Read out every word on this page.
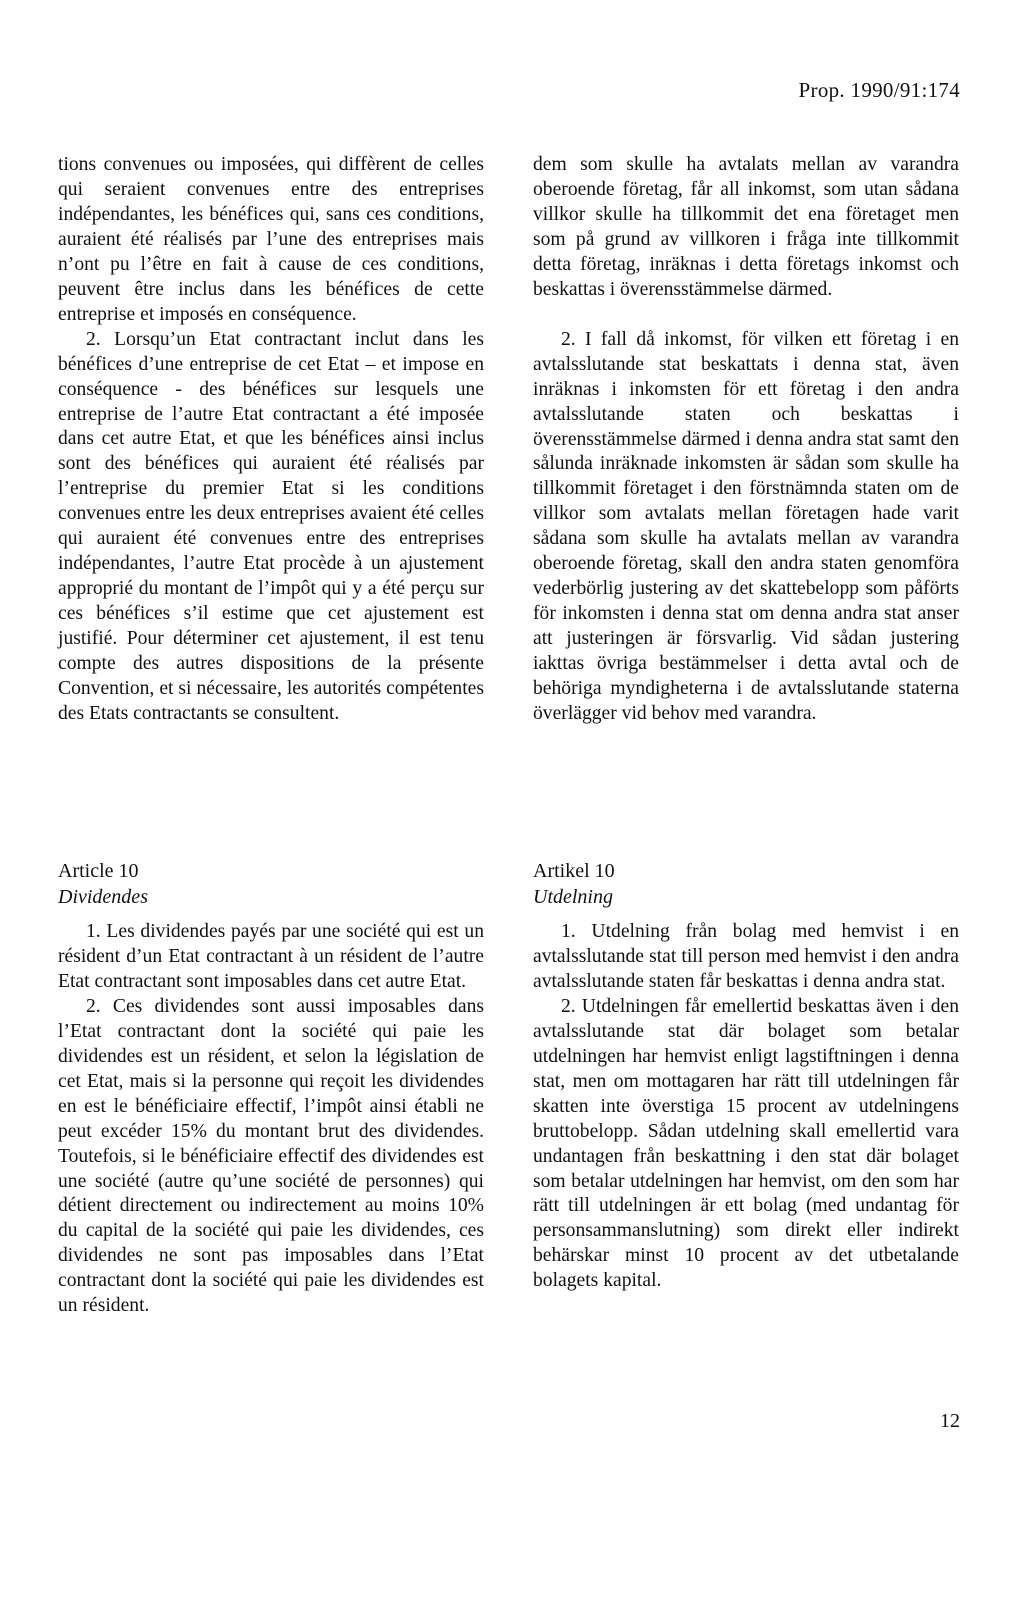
Prop. 1990/91:174

tions convenues ou imposées, qui diffèrent de celles qui seraient convenues entre des entreprises indépendantes, les bénéfices qui, sans ces conditions, auraient été réalisés par l’une des entreprises mais n’ont pu l’être en fait à cause de ces conditions, peuvent être inclus dans les bénéfices de cette entreprise et imposés en conséquence.

2. Lorsqu’un Etat contractant inclut dans les bénéfices d’une entreprise de cet Etat – et impose en conséquence - des bénéfices sur lesquels une entreprise de l’autre Etat contractant a été imposée dans cet autre Etat, et que les bénéfices ainsi inclus sont des bénéfices qui auraient été réalisés par l’entreprise du premier Etat si les conditions convenues entre les deux entreprises avaient été celles qui auraient été convenues entre des entreprises indépendantes, l’autre Etat procède à un ajustement approprié du montant de l’impôt qui y a été perçu sur ces bénéfices s’il estime que cet ajustement est justifié. Pour déterminer cet ajustement, il est tenu compte des autres dispositions de la présente Convention, et si nécessaire, les autorités compétentes des Etats contractants se consultent.

dem som skulle ha avtalats mellan av varandra oberoende företag, får all inkomst, som utan sådana villkor skulle ha tillkommit det ena företaget men som på grund av villkoren i fråga inte tillkommit detta företag, inräknas i detta företags inkomst och beskattas i överensstämmelse därmed.

2. I fall då inkomst, för vilken ett företag i en avtalsslutande stat beskattats i denna stat, även inräknas i inkomsten för ett företag i den andra avtalsslutande staten och beskattas i överensstämmelse därmed i denna andra stat samt den sålunda inräknade inkomsten är sådan som skulle ha tillkommit företaget i den förstnämnda staten om de villkor som avtalats mellan företagen hade varit sådana som skulle ha avtalats mellan av varandra oberoende företag, skall den andra staten genomföra vederbörlig justering av det skattebelopp som påförts för inkomsten i denna stat om denna andra stat anser att justeringen är försvarlig. Vid sådan justering iakttas övriga bestämmelser i detta avtal och de behöriga myndigheterna i de avtalsslutande staterna överlägger vid behov med varandra.

Article 10

Dividendes

1. Les dividendes payés par une société qui est un résident d’un Etat contractant à un résident de l’autre Etat contractant sont imposables dans cet autre Etat.

2. Ces dividendes sont aussi imposables dans l’Etat contractant dont la société qui paie les dividendes est un résident, et selon la législation de cet Etat, mais si la personne qui reçoit les dividendes en est le bénéficiaire effectif, l’impôt ainsi établi ne peut excéder 15% du montant brut des dividendes. Toutefois, si le bénéficiaire effectif des dividendes est une société (autre qu’une société de personnes) qui détient directement ou indirectement au moins 10% du capital de la société qui paie les dividendes, ces dividendes ne sont pas imposables dans l’Etat contractant dont la société qui paie les dividendes est un résident.

Artikel 10

Utdelning

1. Utdelning från bolag med hemvist i en avtalsslutande stat till person med hemvist i den andra avtalsslutande staten får beskattas i denna andra stat.

2. Utdelningen får emellertid beskattas även i den avtalsslutande stat där bolaget som betalar utdelningen har hemvist enligt lagstiftningen i denna stat, men om mottagaren har rätt till utdelningen får skatten inte överstiga 15 procent av utdelningens bruttobelopp. Sådan utdelning skall emellertid vara undantagen från beskattning i den stat där bolaget som betalar utdelningen har hemvist, om den som har rätt till utdelningen är ett bolag (med undantag för personsammanslutning) som direkt eller indirekt behärskar minst 10 procent av det utbetalande bolagets kapital.

12
